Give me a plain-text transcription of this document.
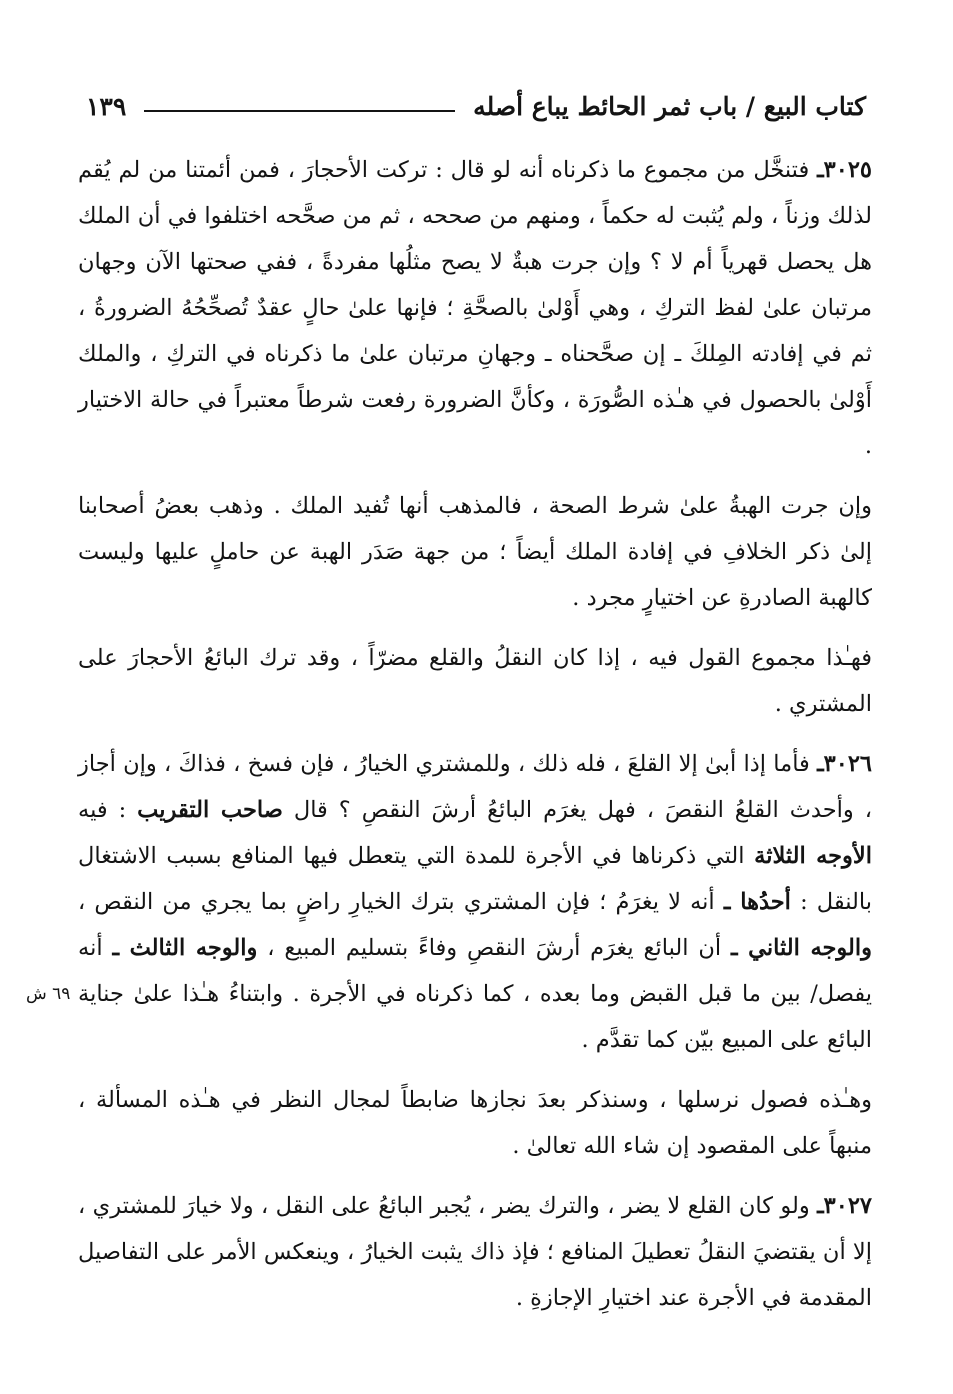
كتاب البيع / باب ثمر الحائط يباع أصله
١٣٩
٦٩ ش

٣٠٢٥ـ فتنخَّل من مجموع ما ذكرناه أنه لو قال : تركت الأحجارَ ، فمن أئمتنا من لم يُقم لذلك وزناً ، ولم يُثبت له حكماً ، ومنهم من صححه ، ثم من صحَّحه اختلفوا في أن الملك هل يحصل قهرياً أم لا ؟ وإن جرت هبةٌ لا يصح مثلُها مفردةً ، ففي صحتها الآن وجهان مرتبان علىٰ لفظ التركِ ، وهي أَوْلىٰ بالصحَّةِ ؛ فإنها علىٰ حالٍ عقدٌ تُصحِّحُهُ الضرورةُ ، ثم في إفادته المِلكَ ـ إن صحَّحناه ـ وجهانِ مرتبان علىٰ ما ذكرناه في التركِ ، والملك أَوْلىٰ بالحصول في هـٰذه الصُّورَة ، وكأنَّ الضرورة رفعت شرطاً معتبراً في حالة الاختيار .

وإن جرت الهبةُ علىٰ شرط الصحة ، فالمذهب أنها تُفيد الملك . وذهب بعضُ أصحابنا إلىٰ ذكر الخلافِ في إفادة الملك أيضاً ؛ من جهة صَدَر الهبة عن حاملٍ عليها وليست كالهبة الصادرةِ عن اختيارٍ مجرد .

فهـٰذا مجموع القول فيه ، إذا كان النقلُ والقلع مضرّاً ، وقد ترك البائعُ الأحجارَ على المشتري .

٣٠٢٦ـ فأما إذا أبىٰ إلا القلعَ ، فله ذلك ، وللمشتري الخيارُ ، فإن فسخ ، فذاكَ ، وإن أجاز ، وأحدث القلعُ النقصَ ، فهل يغرَم البائعُ أرشَ النقصِ ؟ قال صاحب التقريب : فيه الأوجه الثلاثة التي ذكرناها في الأجرة للمدة التي يتعطل فيها المنافع بسبب الاشتغال بالنقل : أحدُها ـ أنه لا يغرَمُ ؛ فإن المشتري بترك الخيارِ راضٍ بما يجري من النقص ، والوجه الثاني ـ أن البائع يغرَم أرشَ النقصِ وفاءً بتسليم المبيع ، والوجه الثالث ـ أنه يفصل/ بين ما قبل القبض وما بعده ، كما ذكرناه في الأجرة . وابتناءُ هـٰذا علىٰ جناية البائع على المبيع بيّن كما تقدَّم .

وهـٰذه فصول نرسلها ، وسنذكر بعدَ نجازها ضابطاً لمجال النظر في هـٰذه المسألة ، منبهاً على المقصود إن شاء الله تعالىٰ .

٣٠٢٧ـ ولو كان القلع لا يضر ، والترك يضر ، يُجبر البائعُ على النقل ، ولا خيارَ للمشتري ، إلا أن يقتضيَ النقلُ تعطيلَ المنافع ؛ فإذ ذاك يثبت الخيارُ ، وينعكس الأمر على التفاصيل المقدمة في الأجرة عند اختيارِ الإجازةِ .
